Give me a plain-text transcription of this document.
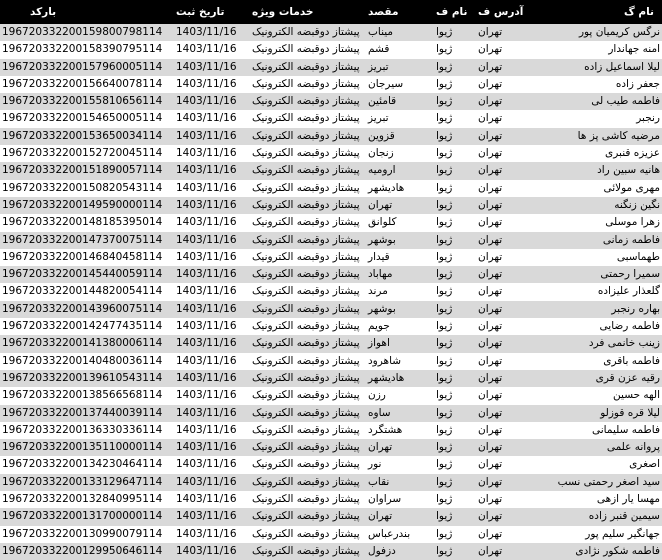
نام گ	آدرس ف	نام ف	مقصد	خدمات ویژه	تاریخ ثبت	بارکد
نرگس کریمیان پور	تهران	ژیوا	میناب	پیشتاز دوقبضه الکترونیک	1403/11/16	196720332200159800798114
امنه جهاندار	تهران	ژیوا	قشم	پیشتاز دوقبضه الکترونیک	1403/11/16	196720332200158390795114
لیلا اسماعیل زاده	تهران	ژیوا	تبریز	پیشتاز دوقبضه الکترونیک	1403/11/16	196720332200157960005114
جعفر زاده	تهران	ژیوا	سیرجان	پیشتاز دوقبضه الکترونیک	1403/11/16	196720332200156640078114
فاطمه طیب لی	تهران	ژیوا	قامئین	پیشتاز دوقبضه الکترونیک	1403/11/16	196720332200155810656114
رنجبر	تهران	ژیوا	تبریز	پیشتاز دوقبضه الکترونیک	1403/11/16	196720332200154650005114
مرضیه کاشی پز ها	تهران	ژیوا	قزوین	پیشتاز دوقبضه الکترونیک	1403/11/16	196720332200153650034114
عزیزه قنبری	تهران	ژیوا	زنجان	پیشتاز دوقبضه الکترونیک	1403/11/16	196720332200152720045114
هانیه سبین راد	تهران	ژیوا	ارومیه	پیشتاز دوقبضه الکترونیک	1403/11/16	196720332200151890057114
مهری مولائی	تهران	ژیوا	هادیشهر	پیشتاز دوقبضه الکترونیک	1403/11/16	196720332200150820543114
نگین زنگنه	تهران	ژیوا	تهران	پیشتاز دوقبضه الکترونیک	1403/11/16	196720332200149590000114
زهرا موسلی	تهران	ژیوا	کلوانق	پیشتاز دوقبضه الکترونیک	1403/11/16	196720332200148185395014
فاطمه زمانی	تهران	ژیوا	بوشهر	پیشتاز دوقبضه الکترونیک	1403/11/16	196720332200147370075114
طهماسبی	تهران	ژیوا	قیدار	پیشتاز دوقبضه الکترونیک	1403/11/16	196720332200146840458114
سمیرا رحمتی	تهران	ژیوا	مهاباد	پیشتاز دوقبضه الکترونیک	1403/11/16	196720332200145440059114
گلعذار علیزاده	تهران	ژیوا	مرند	پیشتاز دوقبضه الکترونیک	1403/11/16	196720332200144820054114
بهاره رنجبر	تهران	ژیوا	بوشهر	پیشتاز دوقبضه الکترونیک	1403/11/16	196720332200143960075114
فاطمه رضایی	تهران	ژیوا	جویم	پیشتاز دوقبضه الکترونیک	1403/11/16	196720332200142477435114
زینب خانمی فرد	تهران	ژیوا	اهواز	پیشتاز دوقبضه الکترونیک	1403/11/16	196720332200141380006114
فاطمه باقری	تهران	ژیوا	شاهرود	پیشتاز دوقبضه الکترونیک	1403/11/16	196720332200140480036114
رقیه عزن قری	تهران	ژیوا	هادیشهر	پیشتاز دوقبضه الکترونیک	1403/11/16	196720332200139610543114
الهه حسین	تهران	ژیوا	رزن	پیشتاز دوقبضه الکترونیک	1403/11/16	196720332200138566568114
لیلا قره قوزلو	تهران	ژیوا	ساوه	پیشتاز دوقبضه الکترونیک	1403/11/16	196720332200137440039114
فاطمه سلیمانی	تهران	ژیوا	هشتگرد	پیشتاز دوقبضه الکترونیک	1403/11/16	196720332200136330336114
پروانه علمی	تهران	ژیوا	تهران	پیشتاز دوقبضه الکترونیک	1403/11/16	196720332200135110000114
اصغری	تهران	ژیوا	نور	پیشتاز دوقبضه الکترونیک	1403/11/16	196720332200134230464114
سید اصغر رحمتی نسب	تهران	ژیوا	نقاب	پیشتاز دوقبضه الکترونیک	1403/11/16	196720332200133129647114
مهسا یار ازهی	تهران	ژیوا	سراوان	پیشتاز دوقبضه الکترونیک	1403/11/16	196720332200132840995114
سیمین قنبر زاده	تهران	ژیوا	تهران	پیشتاز دوقبضه الکترونیک	1403/11/16	196720332200131700000114
جهانگیر سلیم پور	تهران	ژیوا	بندرعباس	پیشتاز دوقبضه الکترونیک	1403/11/16	196720332200130990079114
فاطمه شکور نژادی	تهران	ژیوا	دزفول	پیشتاز دوقبضه الکترونیک	1403/11/16	196720332200129950646114
